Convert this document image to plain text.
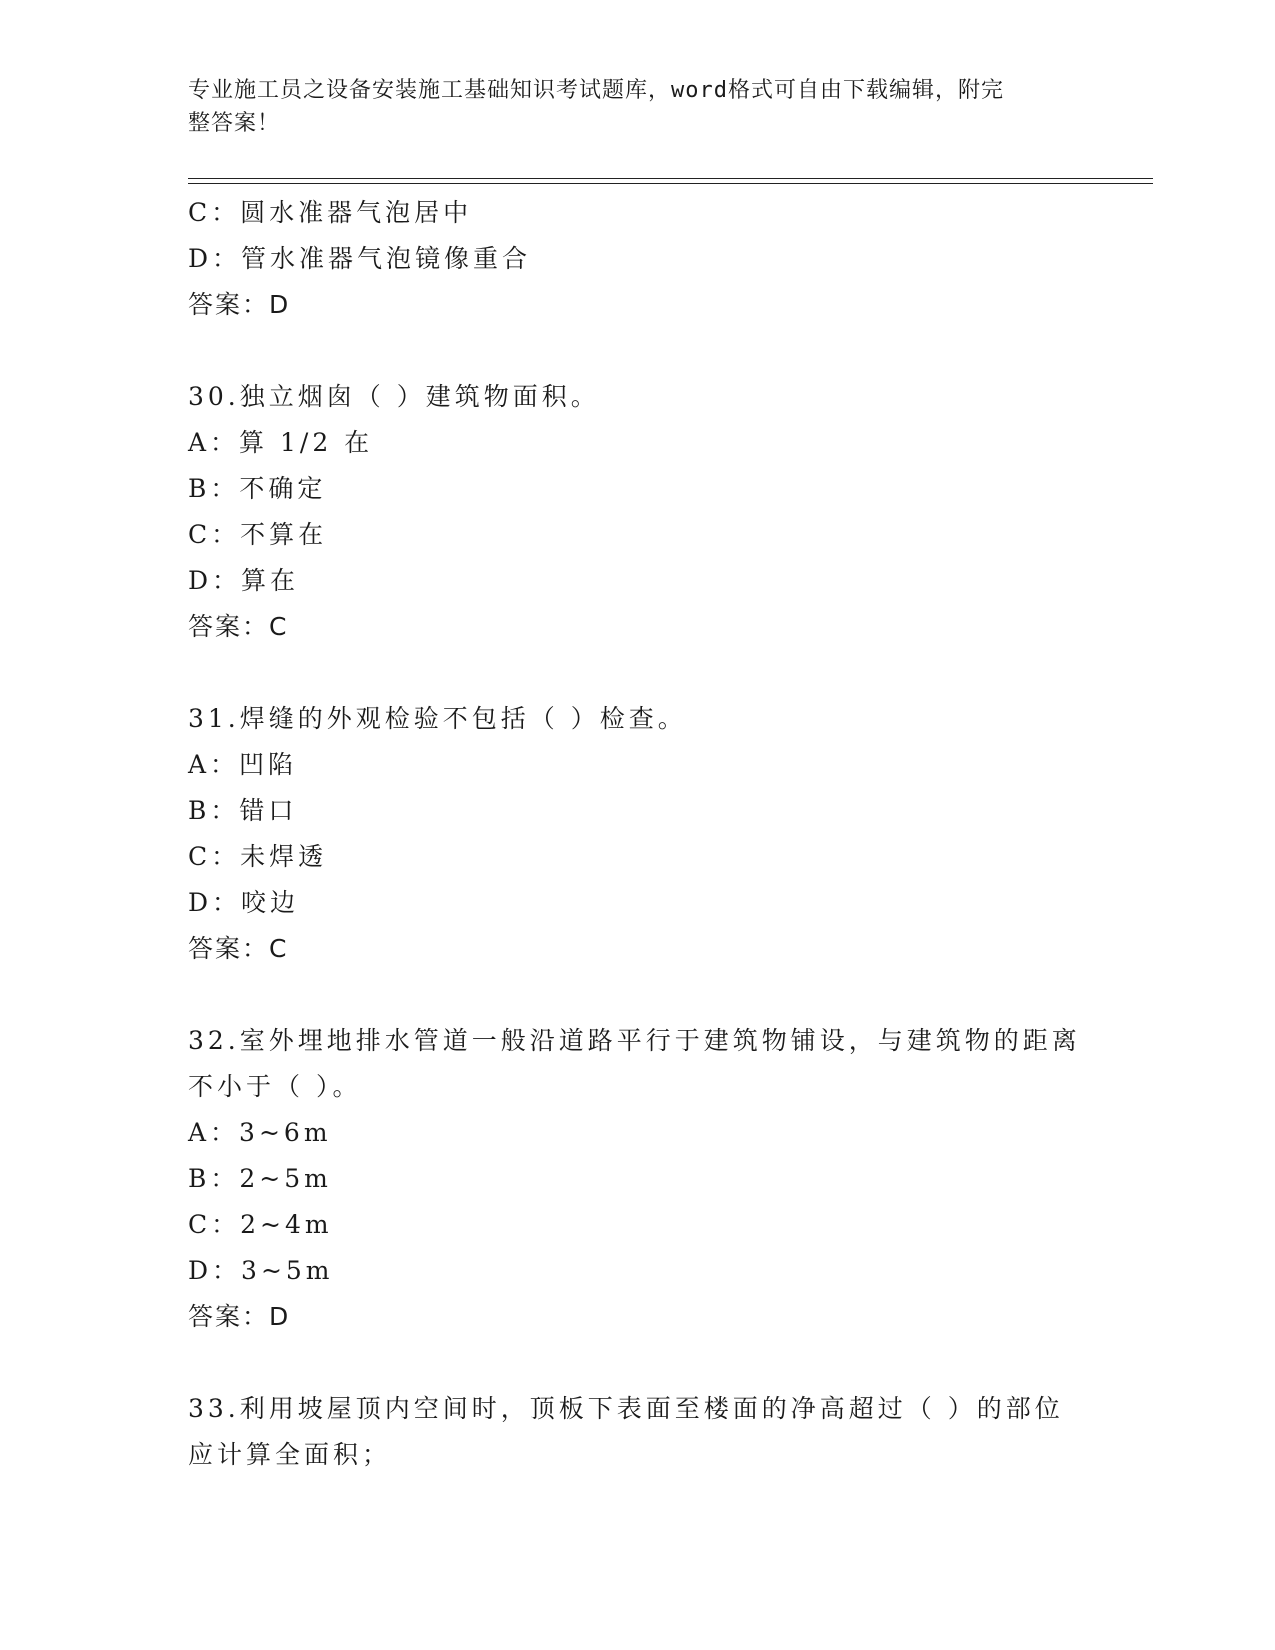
专业施工员之设备安装施工基础知识考试题库，word格式可自由下载编辑，附完
整答案！
C：圆水准器气泡居中
D：管水准器气泡镜像重合
答案：D
30.独立烟囱（ ）建筑物面积。
A：算 1/2 在
B：不确定
C：不算在
D：算在
答案：C
31.焊缝的外观检验不包括（ ）检查。
A：凹陷
B：错口
C：未焊透
D：咬边
答案：C
32.室外埋地排水管道一般沿道路平行于建筑物铺设，与建筑物的距离
不小于（ ）。
A：3~6m
B：2~5m
C：2~4m
D：3~5m
答案：D
33.利用坡屋顶内空间时，顶板下表面至楼面的净高超过（ ）的部位
应计算全面积；
